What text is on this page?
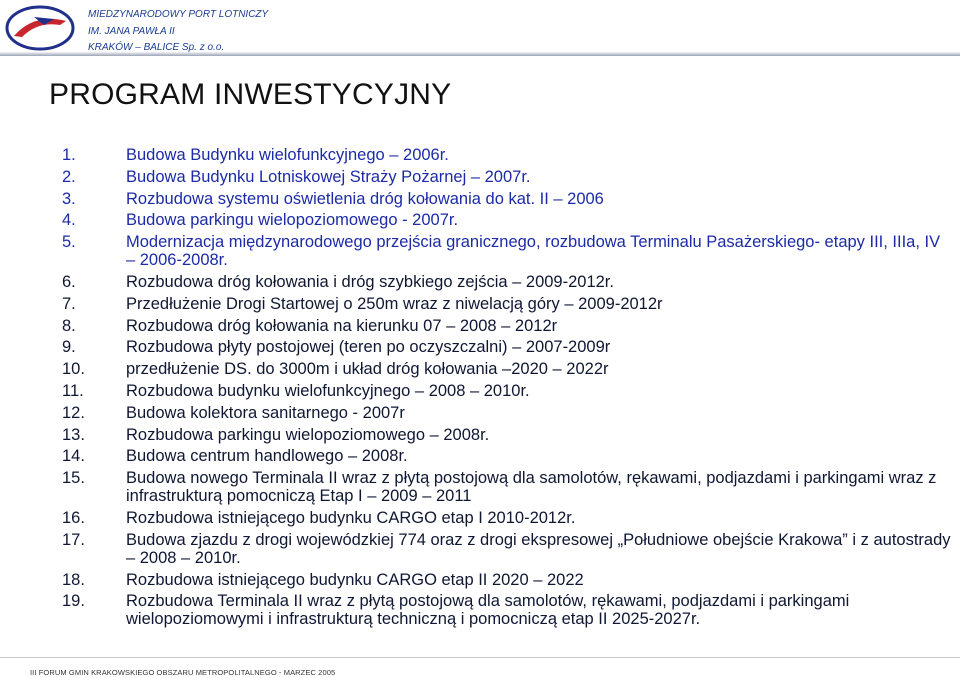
MIEDZYNARODOWY PORT LOTNICZY
IM. JANA PAWŁA II
KRAKÓW – BALICE Sp. z o.o.
PROGRAM INWESTYCYJNY
1.	Budowa Budynku wielofunkcyjnego – 2006r.
2.	Budowa Budynku Lotniskowej Straży Pożarnej – 2007r.
3.	Rozbudowa systemu oświetlenia dróg kołowania do kat. II – 2006
4.	Budowa parkingu wielopoziomowego - 2007r.
5.	Modernizacja międzynarodowego przejścia granicznego, rozbudowa Terminalu Pasażerskiego- etapy III, IIIa, IV – 2006-2008r.
6.	Rozbudowa dróg kołowania i dróg szybkiego zejścia – 2009-2012r.
7.	Przedłużenie Drogi Startowej o 250m wraz z niwelacją góry – 2009-2012r
8.	Rozbudowa dróg kołowania na kierunku 07 – 2008 – 2012r
9.	Rozbudowa płyty postojowej (teren po oczyszczalni) – 2007-2009r
10.	przedłużenie DS. do 3000m i układ dróg kołowania –2020 – 2022r
11.	Rozbudowa budynku wielofunkcyjnego – 2008 – 2010r.
12.	Budowa kolektora sanitarnego - 2007r
13.	Rozbudowa parkingu wielopoziomowego – 2008r.
14.	Budowa centrum handlowego – 2008r.
15.	Budowa nowego Terminala II wraz z płytą postojową dla samolotów, rękawami, podjazdami i parkingami wraz z infrastrukturą pomocniczą Etap I – 2009 – 2011
16.	Rozbudowa istniejącego budynku CARGO etap I 2010-2012r.
17.	Budowa zjazdu z drogi wojewódzkiej 774 oraz z drogi ekspresowej „Południowe obejście Krakowa” i z autostrady – 2008 – 2010r.
18.	Rozbudowa istniejącego budynku CARGO etap II 2020 – 2022
19.	Rozbudowa Terminala II wraz z płytą postojową dla samolotów, rękawami, podjazdami i parkingami wielopoziomowymi i infrastrukturą techniczną i pomocniczą etap II 2025-2027r.
III FORUM GMIN KRAKOWSKIEGO OBSZARU METROPOLITALNEGO - MARZEC 2005
